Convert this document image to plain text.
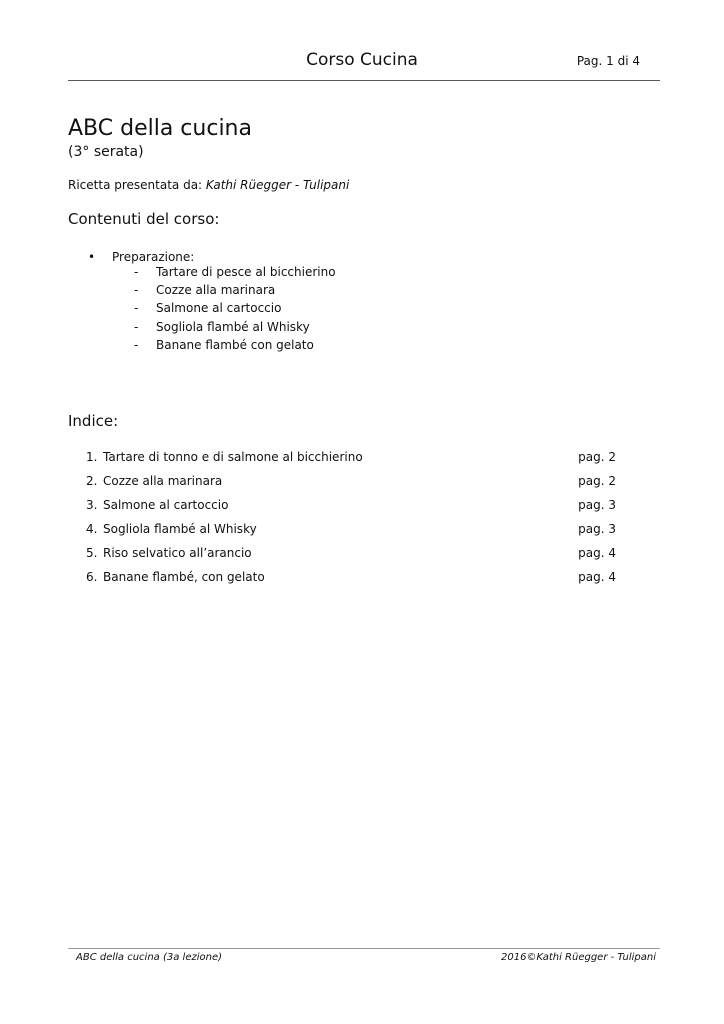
Corso Cucina	Pag. 1 di 4
ABC della cucina
(3° serata)
Ricetta presentata da: Kathi Rüegger - Tulipani
Contenuti del corso:
• Preparazione:
- Tartare di pesce al bicchierino
- Cozze alla marinara
- Salmone al cartoccio
- Sogliola flambé al Whisky
- Banane flambé con gelato
Indice:
1. Tartare di tonno e di salmone al bicchierino	pag. 2
2. Cozze alla marinara	pag. 2
3. Salmone al cartoccio	pag. 3
4. Sogliola flambé al Whisky	pag. 3
5. Riso selvatico all’arancio	pag. 4
6. Banane flambé, con gelato	pag. 4
ABC della cucina (3a lezione)	2016©Kathi Rüegger - Tulipani
